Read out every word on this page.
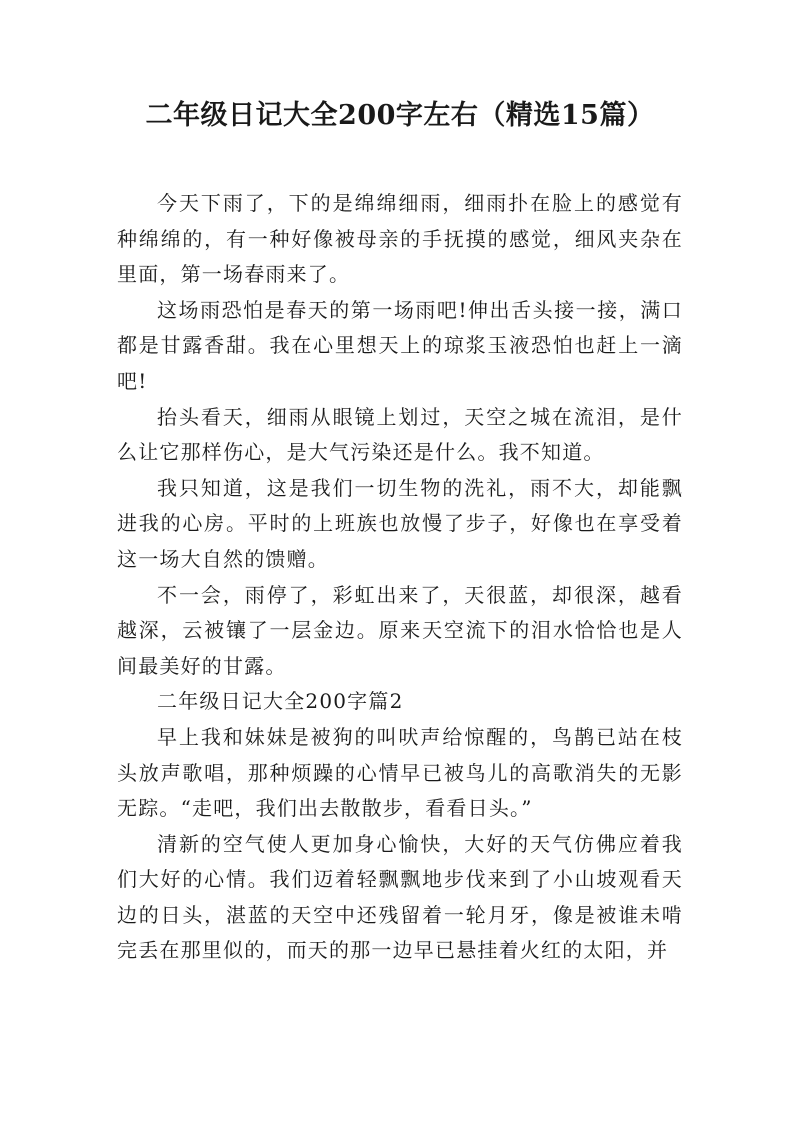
二年级日记大全200字左右（精选15篇）

今天下雨了，下的是绵绵细雨，细雨扑在脸上的感觉有种绵绵的，有一种好像被母亲的手抚摸的感觉，细风夹杂在里面，第一场春雨来了。

这场雨恐怕是春天的第一场雨吧!伸出舌头接一接，满口都是甘露香甜。我在心里想天上的琼浆玉液恐怕也赶上一滴吧!

抬头看天，细雨从眼镜上划过，天空之城在流泪，是什么让它那样伤心，是大气污染还是什么。我不知道。

我只知道，这是我们一切生物的洗礼，雨不大，却能飘进我的心房。平时的上班族也放慢了步子，好像也在享受着这一场大自然的馈赠。

不一会，雨停了，彩虹出来了，天很蓝，却很深，越看越深，云被镶了一层金边。原来天空流下的泪水恰恰也是人间最美好的甘露。

二年级日记大全200字篇2

早上我和妹妹是被狗的叫吠声给惊醒的，鸟鹊已站在枝头放声歌唱，那种烦躁的心情早已被鸟儿的高歌消失的无影无踪。“走吧，我们出去散散步，看看日头。”

清新的空气使人更加身心愉快，大好的天气仿佛应着我们大好的心情。我们迈着轻飘飘地步伐来到了小山坡观看天边的日头，湛蓝的天空中还残留着一轮月牙，像是被谁未啃完丢在那里似的，而天的那一边早已悬挂着火红的太阳，并
